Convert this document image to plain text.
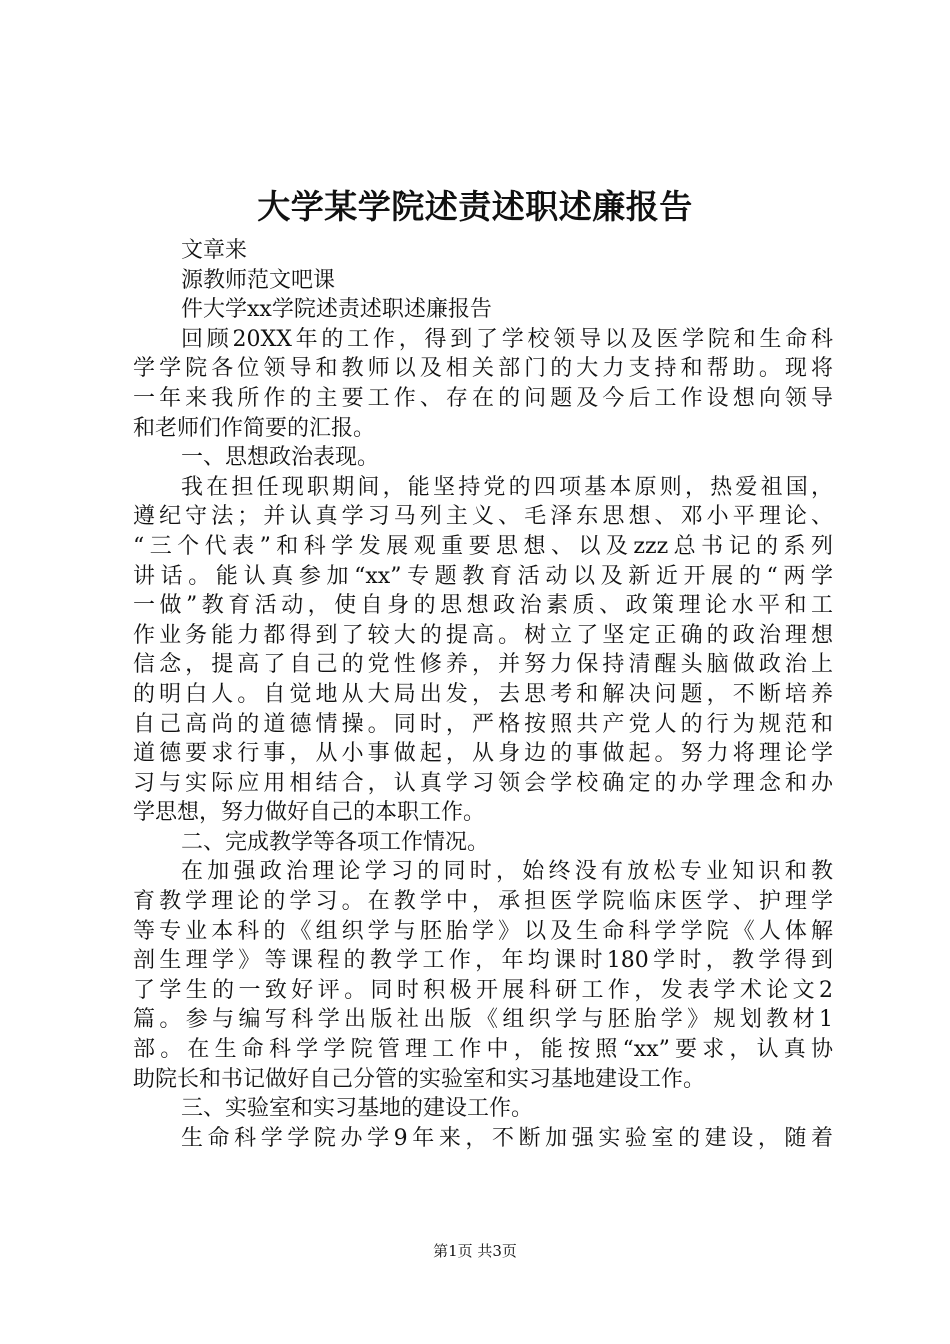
大学某学院述责述职述廉报告
文章来
源教师范文吧课
件大学xx学院述责述职述廉报告
回顾20XX年的工作，得到了学校领导以及医学院和生命科
学学院各位领导和教师以及相关部门的大力支持和帮助。现将
一年来我所作的主要工作、存在的问题及今后工作设想向领导
和老师们作简要的汇报。
一、思想政治表现。
我在担任现职期间，能坚持党的四项基本原则，热爱祖国，
遵纪守法；并认真学习马列主义、毛泽东思想、邓小平理论、
“三个代表”和科学发展观重要思想、以及zzz总书记的系列
讲话。能认真参加“xx”专题教育活动以及新近开展的“两学
一做”教育活动，使自身的思想政治素质、政策理论水平和工
作业务能力都得到了较大的提高。树立了坚定正确的政治理想
信念，提高了自己的党性修养，并努力保持清醒头脑做政治上
的明白人。自觉地从大局出发，去思考和解决问题，不断培养
自己高尚的道德情操。同时，严格按照共产党人的行为规范和
道德要求行事，从小事做起，从身边的事做起。努力将理论学
习与实际应用相结合，认真学习领会学校确定的办学理念和办
学思想，努力做好自己的本职工作。
二、完成教学等各项工作情况。
在加强政治理论学习的同时，始终没有放松专业知识和教
育教学理论的学习。在教学中，承担医学院临床医学、护理学
等专业本科的《组织学与胚胎学》以及生命科学学院《人体解
剖生理学》等课程的教学工作，年均课时180学时，教学得到
了学生的一致好评。同时积极开展科研工作，发表学术论文2
篇。参与编写科学出版社出版《组织学与胚胎学》规划教材1
部。在生命科学学院管理工作中，能按照“xx”要求，认真协
助院长和书记做好自己分管的实验室和实习基地建设工作。
三、实验室和实习基地的建设工作。
生命科学学院办学9年来，不断加强实验室的建设，随着
第1页 共3页
